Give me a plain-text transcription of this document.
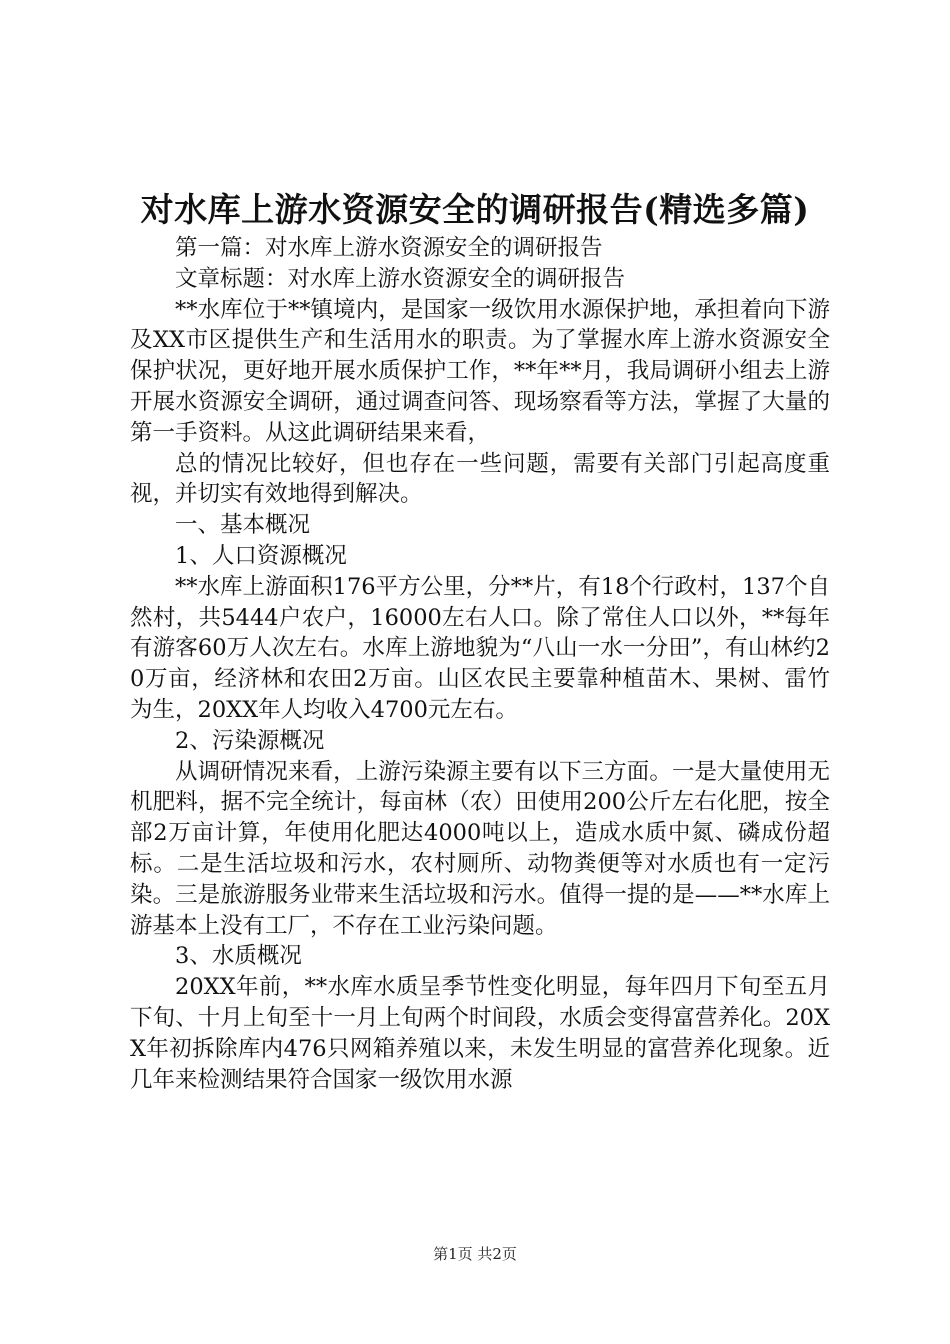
对水库上游水资源安全的调研报告(精选多篇)

第一篇：对水库上游水资源安全的调研报告

文章标题：对水库上游水资源安全的调研报告

**水库位于**镇境内，是国家一级饮用水源保护地，承担着向下游及XX市区提供生产和生活用水的职责。为了掌握水库上游水资源安全保护状况，更好地开展水质保护工作，**年**月，我局调研小组去上游开展水资源安全调研，通过调查问答、现场察看等方法，掌握了大量的第一手资料。从这此调研结果来看，

总的情况比较好，但也存在一些问题，需要有关部门引起高度重视，并切实有效地得到解决。

一、基本概况

1、人口资源概况

**水库上游面积176平方公里，分**片，有18个行政村，137个自然村，共5444户农户，16000左右人口。除了常住人口以外，**每年有游客60万人次左右。水库上游地貌为“八山一水一分田”，有山林约20万亩，经济林和农田2万亩。山区农民主要靠种植苗木、果树、雷竹为生，20XX年人均收入4700元左右。

2、污染源概况

从调研情况来看，上游污染源主要有以下三方面。一是大量使用无机肥料，据不完全统计，每亩林（农）田使用200公斤左右化肥，按全部2万亩计算，年使用化肥达4000吨以上，造成水质中氮、磷成份超标。二是生活垃圾和污水，农村厕所、动物粪便等对水质也有一定污染。三是旅游服务业带来生活垃圾和污水。值得一提的是——**水库上游基本上没有工厂，不存在工业污染问题。

3、水质概况

20XX年前，**水库水质呈季节性变化明显，每年四月下旬至五月下旬、十月上旬至十一月上旬两个时间段，水质会变得富营养化。20XX年初拆除库内476只网箱养殖以来，未发生明显的富营养化现象。近几年来检测结果符合国家一级饮用水源

第1页 共2页
